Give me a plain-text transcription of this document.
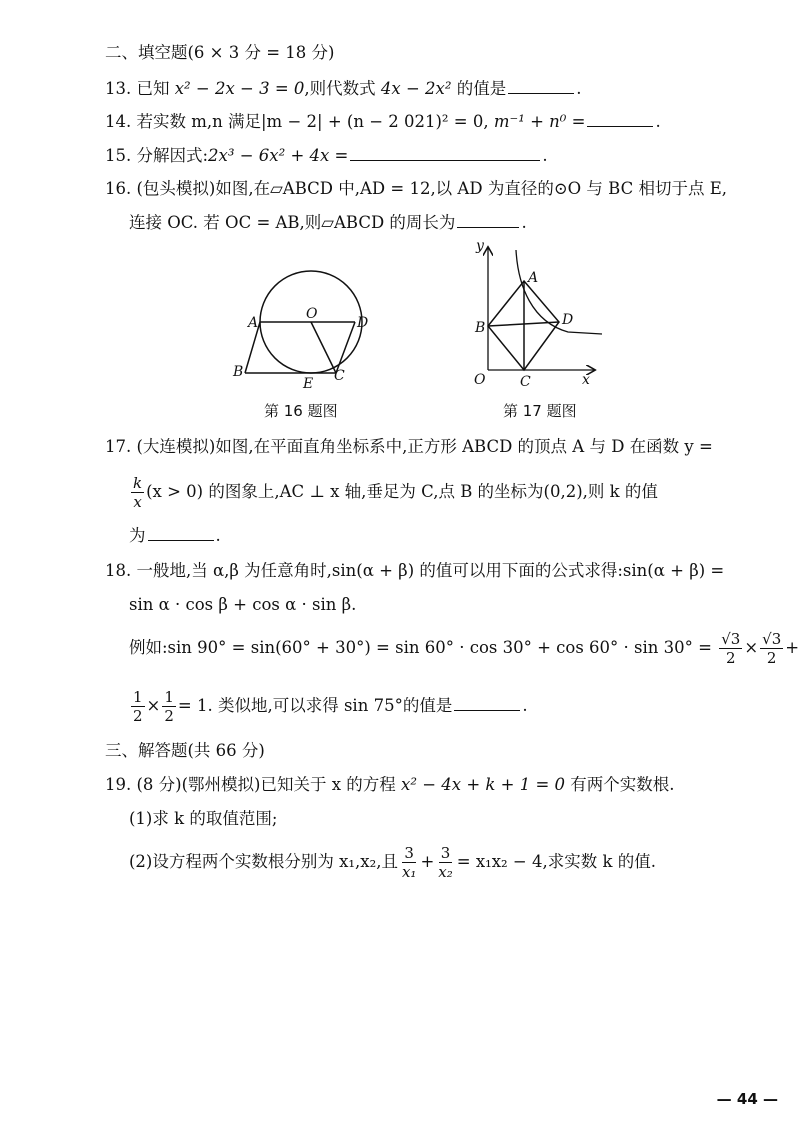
二、填空题(6 × 3 分 = 18 分)
13. 已知 x² − 2x − 3 = 0,则代数式 4x − 2x² 的值是	.
14. 若实数 m,n 满足|m − 2| + (n − 2 021)² = 0, m⁻¹ + n⁰ =	.
15. 分解因式:2x³ − 6x² + 4x =	.
16. (包头模拟)如图,在▱ABCD 中,AD = 12,以 AD 为直径的⊙O 与 BC 相切于点 E,
连接 OC. 若 OC = AB,则▱ABCD 的周长为	.
A
O
D
B
E C
第 16 题图
y
x
O
A
B
C
D
第 17 题图
17. (大连模拟)如图,在平面直角坐标系中,正方形 ABCD 的顶点 A 与 D 在函数 y =
$\frac{k}{x} (x > 0)$ 的图象上,AC ⊥ x 轴,垂足为 C,点 B 的坐标为(0,2),则 k 的值
为	.
18. 一般地,当 α,β 为任意角时,sin(α + β) 的值可以用下面的公式求得:sin(α + β) =
sin α · cos β + cos α · sin β.
例如:sin $90^\circ = \sin(60^\circ + 30^\circ) = \sin 60^\circ \cdot \cos 30^\circ + \cos 60^\circ \cdot \sin 30^\circ = \frac{√3}{2} \times \frac{√3}{2}$ +
$\frac{1}{2} \times \frac{1}{2} = 1$. 类似地,可以求得 sin 75°的值是	.
三、解答题(共 66 分)
19. (8 分)(鄂州模拟)已知关于 x 的方程 x² − 4x + k + 1 = 0 有两个实数根.
(1)求 k 的取值范围;
(2)设方程两个实数根分别为 x₁,x₂,且 $\frac{3}{\text{x₁}} + \frac{3}{\text{x₂}} = x_1x_2 - 4$,求实数 k 的值.
— 44 —
